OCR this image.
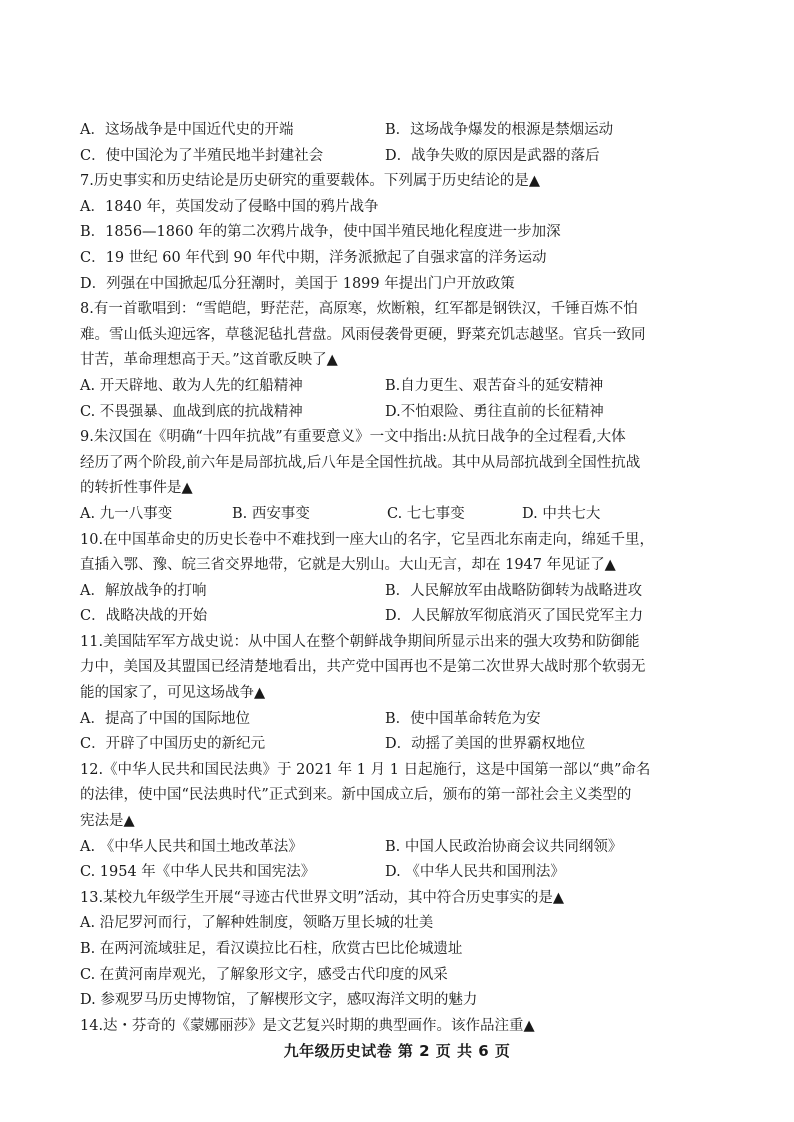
A．这场战争是中国近代史的开端	B．这场战争爆发的根源是禁烟运动
C．使中国沦为了半殖民地半封建社会	D．战争失败的原因是武器的落后
7.历史事实和历史结论是历史研究的重要载体。下列属于历史结论的是▲
A．1840 年，英国发动了侵略中国的鸦片战争
B．1856—1860 年的第二次鸦片战争，使中国半殖民地化程度进一步加深
C．19 世纪 60 年代到 90 年代中期，洋务派掀起了自强求富的洋务运动
D．列强在中国掀起瓜分狂潮时，美国于 1899 年提出门户开放政策
8.有一首歌唱到：“雪皑皑，野茫茫，高原寒，炊断粮，红军都是钢铁汉，千锤百炼不怕
难。雪山低头迎远客，草毯泥毡扎营盘。风雨侵袭骨更硬，野菜充饥志越坚。官兵一致同
甘苦，革命理想高于天。”这首歌反映了▲
A. 开天辟地、敢为人先的红船精神	B.自力更生、艰苦奋斗的延安精神
C. 不畏强暴、血战到底的抗战精神	D.不怕艰险、勇往直前的长征精神
9.朱汉国在《明确“十四年抗战”有重要意义》一文中指出:从抗日战争的全过程看,大体
经历了两个阶段,前六年是局部抗战,后八年是全国性抗战。其中从局部抗战到全国性抗战
的转折性事件是▲
A. 九一八事变	B. 西安事变	C. 七七事变	D. 中共七大
10.在中国革命史的历史长卷中不难找到一座大山的名字，它呈西北东南走向，绵延千里，
直插入鄂、豫、皖三省交界地带，它就是大别山。大山无言，却在 1947 年见证了▲
A．解放战争的打响	B．人民解放军由战略防御转为战略进攻
C．战略决战的开始	D．人民解放军彻底消灭了国民党军主力
11.美国陆军军方战史说：从中国人在整个朝鲜战争期间所显示出来的强大攻势和防御能
力中，美国及其盟国已经清楚地看出，共产党中国再也不是第二次世界大战时那个软弱无
能的国家了，可见这场战争▲
A．提高了中国的国际地位	B．使中国革命转危为安
C．开辟了中国历史的新纪元	D．动摇了美国的世界霸权地位
12.《中华人民共和国民法典》于 2021 年 1 月 1 日起施行，这是中国第一部以“典”命名
的法律，使中国“民法典时代”正式到来。新中国成立后，颁布的第一部社会主义类型的
宪法是▲
A. 《中华人民共和国土地改革法》	B. 中国人民政治协商会议共同纲领》
C. 1954 年《中华人民共和国宪法》	D. 《中华人民共和国刑法》
13.某校九年级学生开展“寻迹古代世界文明”活动，其中符合历史事实的是▲
A. 沿尼罗河而行，了解种姓制度，领略万里长城的壮美
B. 在两河流域驻足，看汉谟拉比石柱，欣赏古巴比伦城遗址
C. 在黄河南岸观光，了解象形文字，感受古代印度的风采
D. 参观罗马历史博物馆，了解楔形文字，感叹海洋文明的魅力
14.达・芬奇的《蒙娜丽莎》是文艺复兴时期的典型画作。该作品注重▲
九年级历史试卷 第 2 页 共 6 页
